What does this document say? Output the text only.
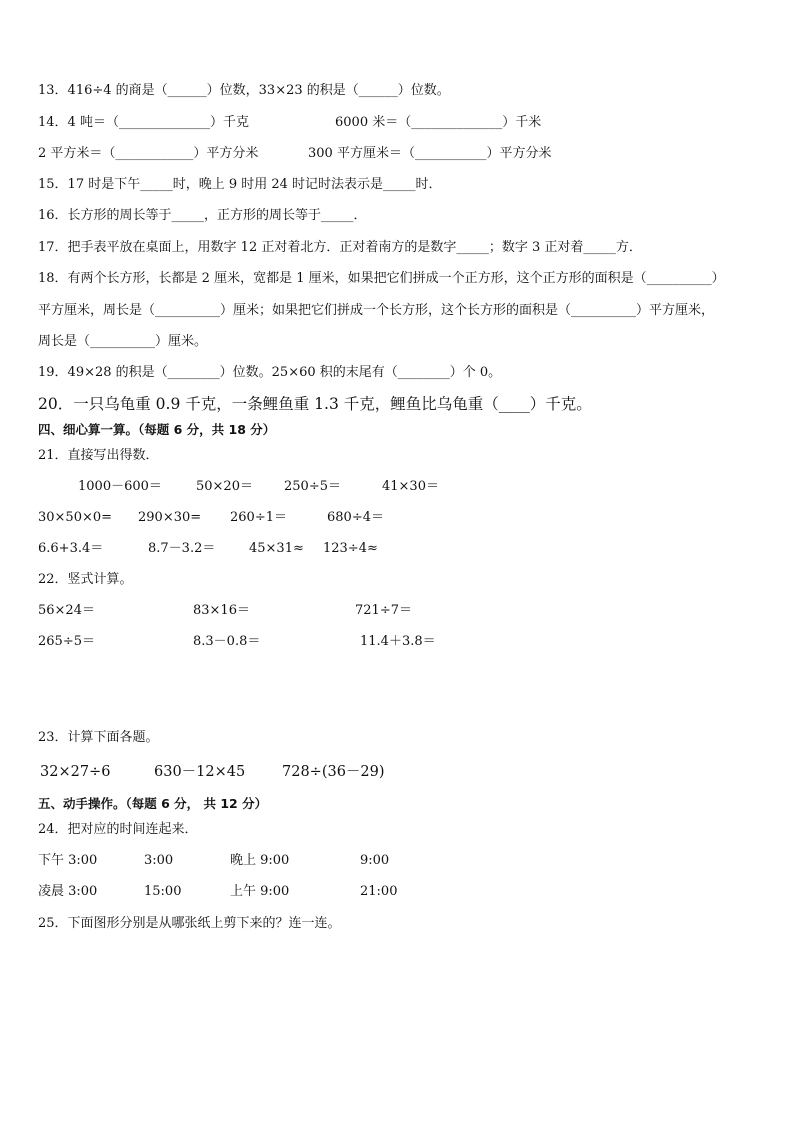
13．416÷4 的商是（______）位数，33×23 的积是（______）位数。
14．4 吨＝（______________）千克	6000 米＝（______________）千米
2 平方米＝（____________）平方分米	300 平方厘米＝（___________）平方分米
15．17 时是下午_____时，晚上 9 时用 24 时记时法表示是_____时．
16．长方形的周长等于_____，正方形的周长等于_____．
17．把手表平放在桌面上，用数字 12 正对着北方．正对着南方的是数字_____；数字 3 正对着_____方．
18．有两个长方形，长都是 2 厘米，宽都是 1 厘米，如果把它们拼成一个正方形，这个正方形的面积是（__________）
平方厘米，周长是（__________）厘米；如果把它们拼成一个长方形，这个长方形的面积是（__________）平方厘米，
周长是（__________）厘米。
19．49×28 的积是（________）位数。25×60 积的末尾有（________）个 0。
20．一只乌龟重 0.9 千克，一条鲤鱼重 1.3 千克，鲤鱼比乌龟重（____）千克。
四、细心算一算。（每题 6 分，共 18 分）
21．直接写出得数．
1000－600＝	50×20＝ 250÷5＝	41×30＝
30×50×0= 290×30= 260÷1＝	680÷4＝
6.6+3.4＝	8.7－3.2＝	45×31≈ 123÷4≈
22．竖式计算。
56×24＝	83×16＝	721÷7＝
265÷5＝	8.3－0.8＝	11.4＋3.8＝
23．计算下面各题。
32×27÷6	630－12×45	728÷(36－29)
五、动手操作。（每题 6 分， 共 12 分）
24．把对应的时间连起来．
下午 3:00	3:00	晚上 9:00	9:00
凌晨 3:00	15:00	上午 9:00	21:00
25．下面图形分别是从哪张纸上剪下来的？连一连。
